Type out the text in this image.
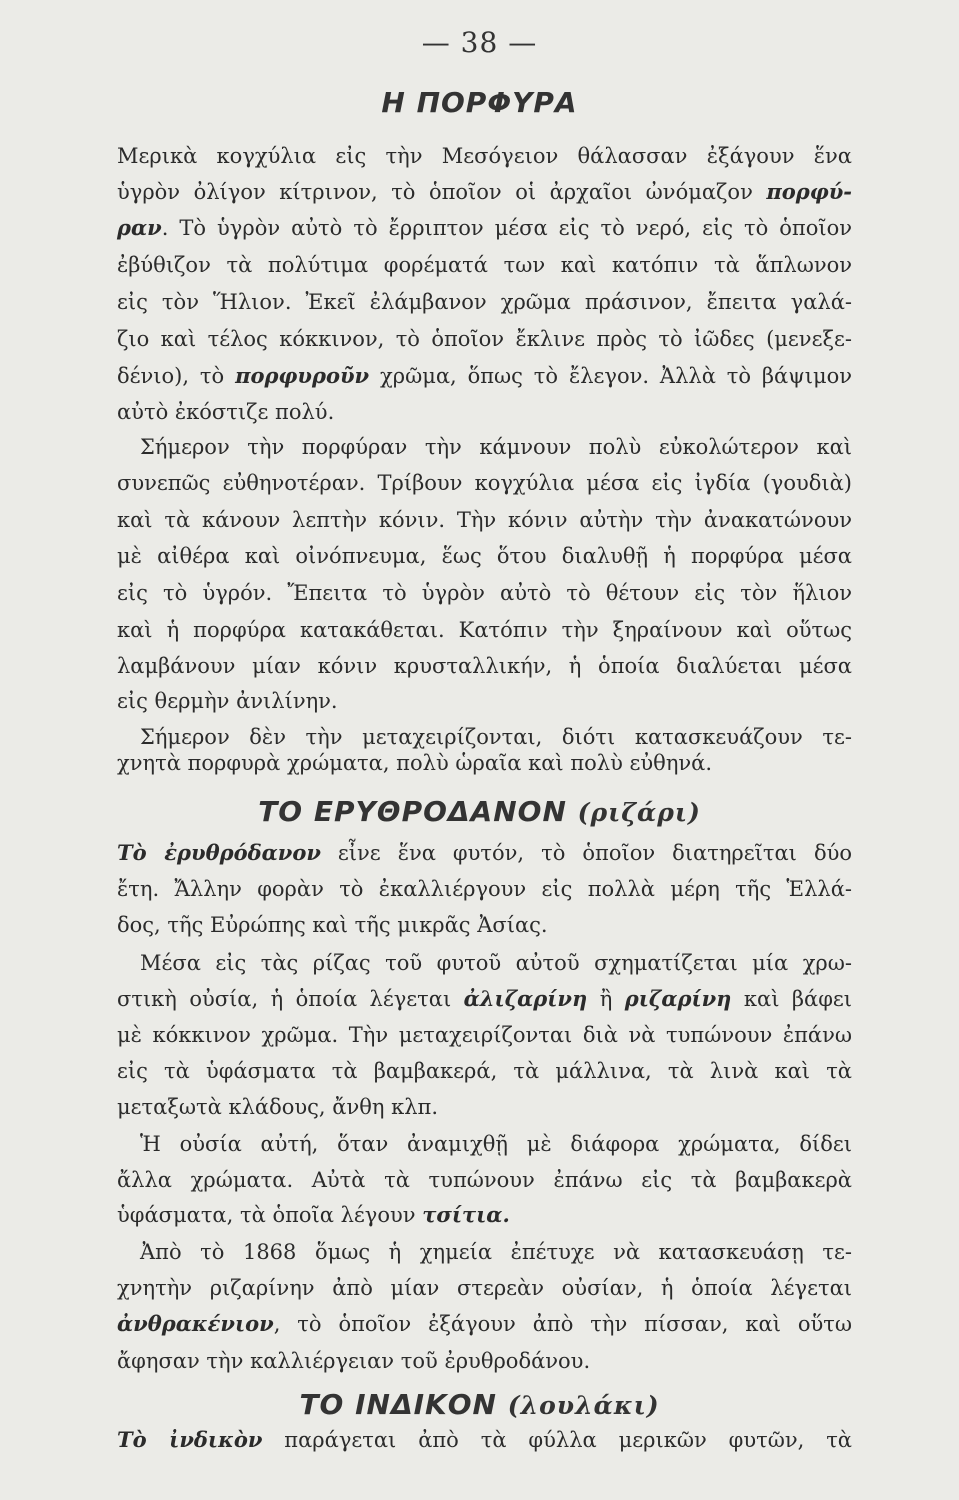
— 38 —
Η ΠΟΡΦΥΡΑ
Μερικὰ κογχύλια εἰς τὴν Μεσόγειον θάλασσαν ἐξάγουν ἕνα
ὑγρὸν ὀλίγον κίτρινον, τὸ ὁποῖον οἱ ἀρχαῖοι ὠνόμαζον πορφύ-
ραν. Τὸ ὑγρὸν αὐτὸ τὸ ἔρριπτον μέσα εἰς τὸ νερό, εἰς τὸ ὁποῖον
ἐβύθιζον τὰ πολύτιμα φορέματά των καὶ κατόπιν τὰ ἅπλωνον
εἰς τὸν Ἥλιον. Ἐκεῖ ἐλάμβανον χρῶμα πράσινον, ἔπειτα γαλά-
ζιο καὶ τέλος κόκκινον, τὸ ὁποῖον ἔκλινε πρὸς τὸ ἰῶδες (μενεξε-
δένιο), τὸ πορφυροῦν χρῶμα, ὅπως τὸ ἔλεγον. Ἀλλὰ τὸ βάψιμον
αὐτὸ ἐκόστιζε πολύ.
Σήμερον τὴν πορφύραν τὴν κάμνουν πολὺ εὐκολώτερον καὶ
συνεπῶς εὐθηνοτέραν. Τρίβουν κογχύλια μέσα εἰς ἰγδία (γουδιὰ)
καὶ τὰ κάνουν λεπτὴν κόνιν. Τὴν κόνιν αὐτὴν τὴν ἀνακατώνουν
μὲ αἰθέρα καὶ οἰνόπνευμα, ἕως ὅτου διαλυθῇ ἡ πορφύρα μέσα
εἰς τὸ ὑγρόν. Ἔπειτα τὸ ὑγρὸν αὐτὸ τὸ θέτουν εἰς τὸν ἥλιον
καὶ ἡ πορφύρα κατακάθεται. Κατόπιν τὴν ξηραίνουν καὶ οὕτως
λαμβάνουν μίαν κόνιν κρυσταλλικήν, ἡ ὁποία διαλύεται μέσα
εἰς θερμὴν ἀνιλίνην.
Σήμερον δὲν τὴν μεταχειρίζονται, διότι κατασκευάζουν τε-
χνητὰ πορφυρὰ χρώματα, πολὺ ὡραῖα καὶ πολὺ εὐθηνά.
ΤΟ ΕΡΥΘΡΟΔΑΝΟΝ (ριζάρι)
Τὸ ἐρυθρόδανον εἶνε ἕνα φυτόν, τὸ ὁποῖον διατηρεῖται δύο
ἔτη. Ἄλλην φορὰν τὸ ἐκαλλιέργουν εἰς πολλὰ μέρη τῆς Ἑλλά-
δος, τῆς Εὐρώπης καὶ τῆς μικρᾶς Ἀσίας.
Μέσα εἰς τὰς ρίζας τοῦ φυτοῦ αὐτοῦ σχηματίζεται μία χρω-
στικὴ οὐσία, ἡ ὁποία λέγεται ἀλιζαρίνη ἢ ριζαρίνη καὶ βάφει
μὲ κόκκινον χρῶμα. Τὴν μεταχειρίζονται διὰ νὰ τυπώνουν ἐπάνω
εἰς τὰ ὑφάσματα τὰ βαμβακερά, τὰ μάλλινα, τὰ λινὰ καὶ τὰ
μεταξωτὰ κλάδους, ἄνθη κλπ.
Ἡ οὐσία αὐτή, ὅταν ἀναμιχθῇ μὲ διάφορα χρώματα, δίδει
ἄλλα χρώματα. Αὐτὰ τὰ τυπώνουν ἐπάνω εἰς τὰ βαμβακερὰ
ὑφάσματα, τὰ ὁποῖα λέγουν τσίτια.
Ἀπὸ τὸ 1868 ὅμως ἡ χημεία ἐπέτυχε νὰ κατασκευάσῃ τε-
χνητὴν ριζαρίνην ἀπὸ μίαν στερεὰν οὐσίαν, ἡ ὁποία λέγεται
ἀνθρακένιον, τὸ ὁποῖον ἐξάγουν ἀπὸ τὴν πίσσαν, καὶ οὕτω
ἄφησαν τὴν καλλιέργειαν τοῦ ἐρυθροδάνου.
ΤΟ ΙΝΔΙΚΟΝ (λουλάκι)
Τὸ ἰνδικὸν παράγεται ἀπὸ τὰ φύλλα μερικῶν φυτῶν, τὰ
